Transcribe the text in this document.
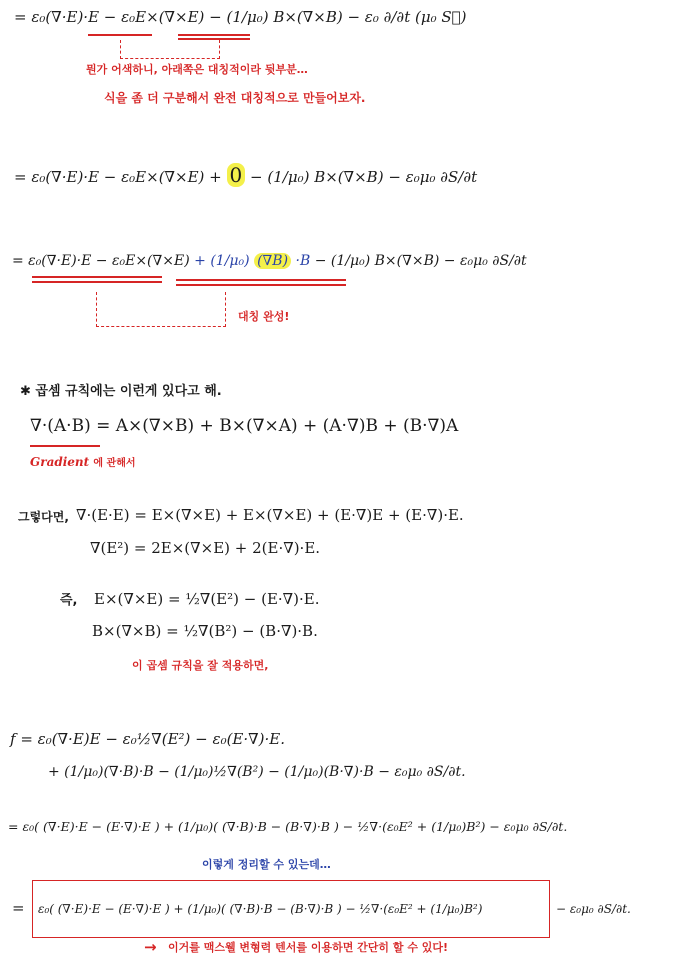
= ε₀(∇·E)·E − ε₀E×(∇×E) − (1/μ₀) B×(∇×B) − ε₀ ∂/∂t (μ₀ S⃗)
뭔가 어색하니, 아래쪽은 대칭적이라 뒷부분…
식을 좀 더 구분해서 완전 대칭적으로 만들어보자.
= ε₀(∇·E)·E − ε₀E×(∇×E) + 0 − (1/μ₀) B×(∇×B) − ε₀μ₀ ∂S/∂t
= ε₀(∇·E)·E − ε₀E×(∇×E) + (1/μ₀) (∇B) ·B − (1/μ₀) B×(∇×B) − ε₀μ₀ ∂S/∂t
대칭 완성!
✱ 곱셈 규칙에는 이런게 있다고 해.
∇·(A·B) = A×(∇×B) + B×(∇×A) + (A·∇)B + (B·∇)A
Gradient 에 관해서
그렇다면, ∇·(E·E) = E×(∇×E) + E×(∇×E) + (E·∇)E + (E·∇)·E.
∇(E²) = 2E×(∇×E) + 2(E·∇)·E.
즉, E×(∇×E) = ½∇(E²) − (E·∇)·E.
B×(∇×B) = ½∇(B²) − (B·∇)·B.
이 곱셈 규칙을 잘 적용하면,
f = ε₀(∇·E)E − ε₀½∇(E²) − ε₀(E·∇)·E.
+ (1/μ₀)(∇·B)·B − (1/μ₀)½∇(B²) − (1/μ₀)(B·∇)·B − ε₀μ₀ ∂S/∂t.
= ε₀( (∇·E)·E − (E·∇)·E ) + (1/μ₀)( (∇·B)·B − (B·∇)·B ) − ½∇·(ε₀E² + (1/μ₀)B²) − ε₀μ₀ ∂S/∂t.
이렇게 정리할 수 있는데…
= ε₀( (∇·E)·E − (E·∇)·E ) + (1/μ₀)( (∇·B)·B − (B·∇)·B ) − ½∇·(ε₀E² + (1/μ₀)B²)	− ε₀μ₀ ∂S/∂t.
→ 이거를 맥스웰 변형력 텐서를 이용하면 간단히 할 수 있다!
